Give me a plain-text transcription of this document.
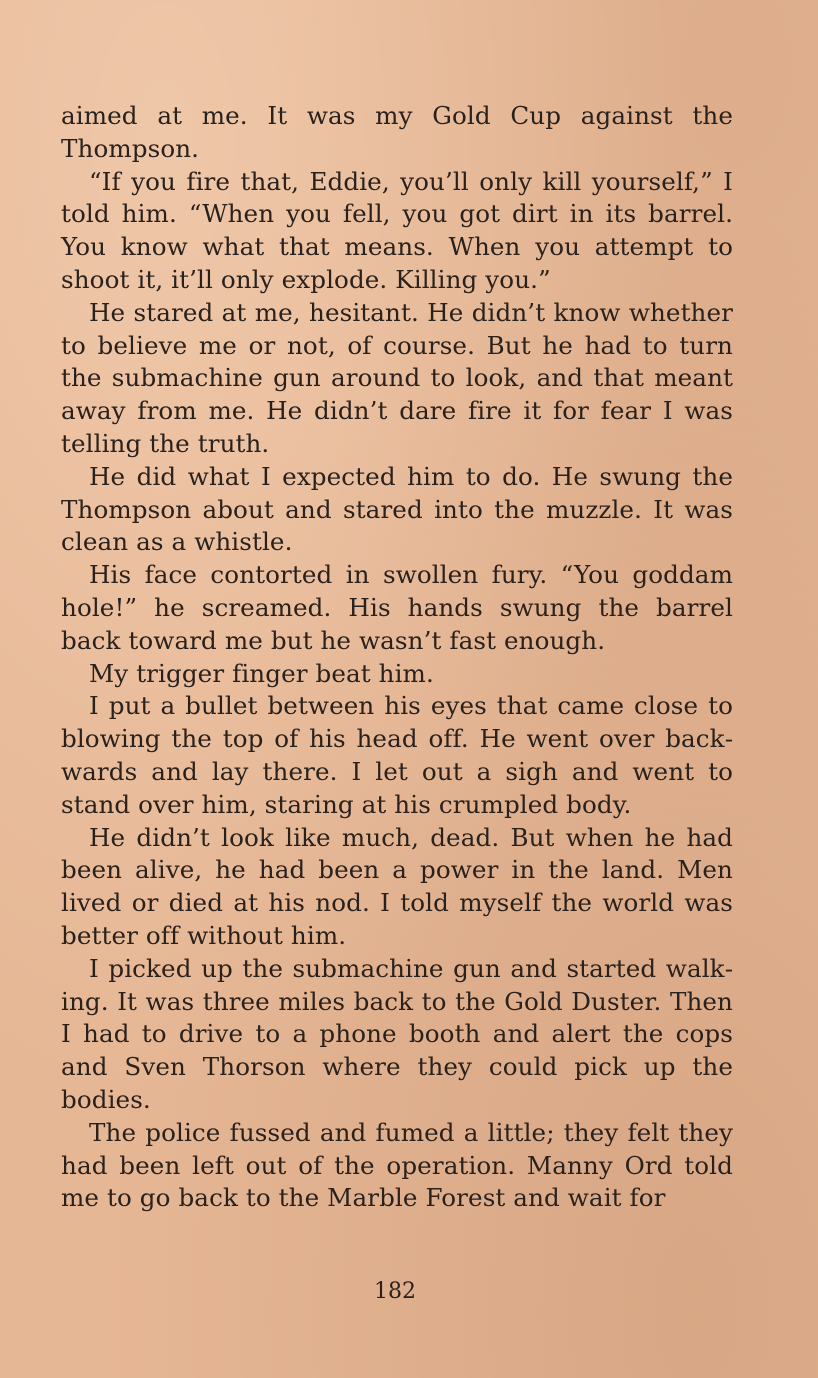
aimed at me. It was my Gold Cup against the Thompson.

“If you fire that, Eddie, you’ll only kill yourself,” I told him. “When you fell, you got dirt in its barrel. You know what that means. When you attempt to shoot it, it’ll only explode. Killing you.”

He stared at me, hesitant. He didn’t know whether to believe me or not, of course. But he had to turn the submachine gun around to look, and that meant away from me. He didn’t dare fire it for fear I was telling the truth.

He did what I expected him to do. He swung the Thompson about and stared into the muzzle. It was clean as a whistle.

His face contorted in swollen fury. “You goddam hole!” he screamed. His hands swung the barrel back toward me but he wasn’t fast enough.

My trigger finger beat him.

I put a bullet between his eyes that came close to blowing the top of his head off. He went over backwards and lay there. I let out a sigh and went to stand over him, staring at his crumpled body.

He didn’t look like much, dead. But when he had been alive, he had been a power in the land. Men lived or died at his nod. I told myself the world was better off without him.

I picked up the submachine gun and started walking. It was three miles back to the Gold Duster. Then I had to drive to a phone booth and alert the cops and Sven Thorson where they could pick up the bodies.

The police fussed and fumed a little; they felt they had been left out of the operation. Manny Ord told me to go back to the Marble Forest and wait for

182
